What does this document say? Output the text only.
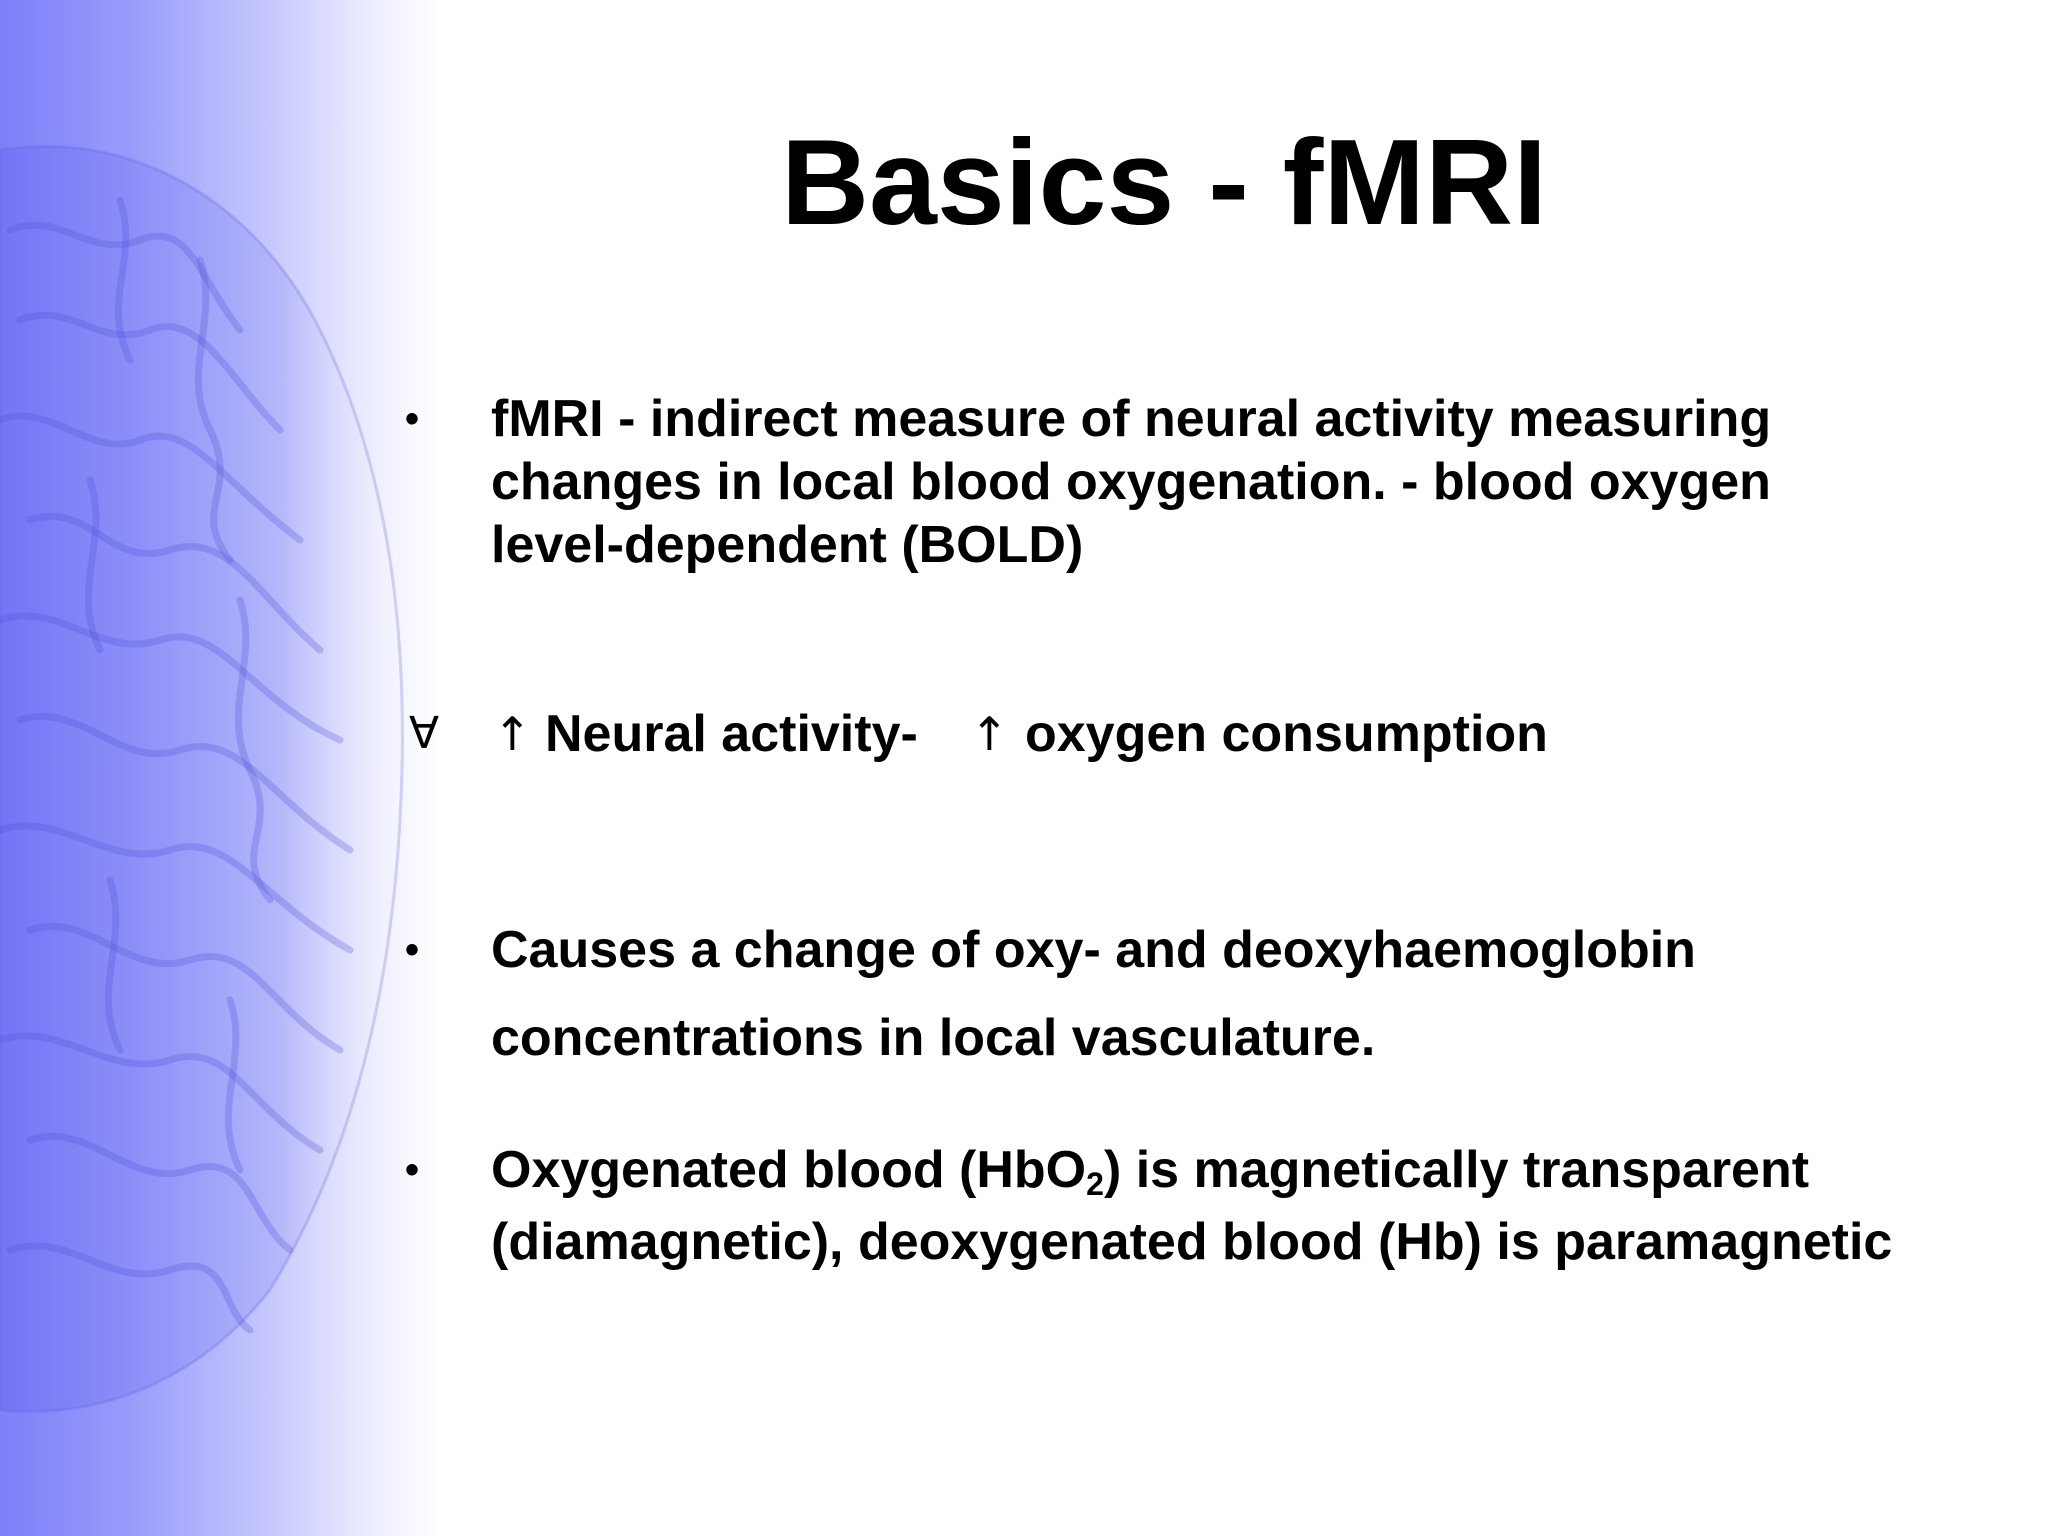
Basics - fMRI
• fMRI - indirect measure of neural activity measuring
changes in local blood oxygenation. - blood oxygen
level-dependent (BOLD)
∀ ↑ Neural activity- ↑ oxygen consumption
• Causes a change of oxy- and deoxyhaemoglobin
concentrations in local vasculature.
• Oxygenated blood (HbO$_2$) is magnetically transparent
(diamagnetic), deoxygenated blood (Hb) is paramagnetic
